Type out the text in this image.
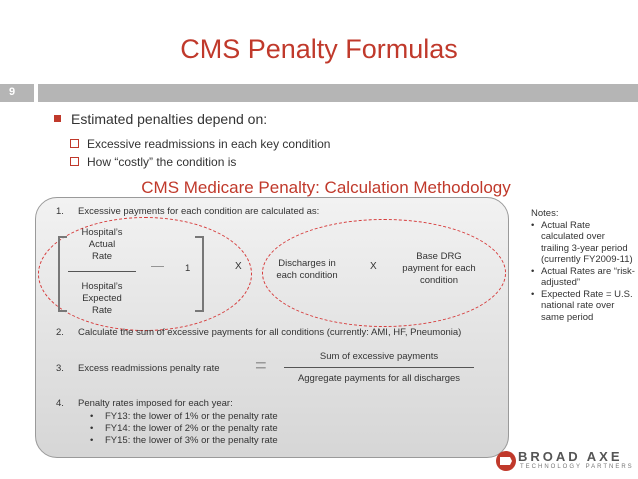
CMS Penalty Formulas
9
Estimated penalties depend on:
Excessive readmissions in each key condition
How “costly” the condition is
CMS Medicare Penalty: Calculation Methodology
1. Excessive payments for each condition are calculated as:
Hospital’s
Actual
Rate
Hospital’s
Expected
Rate
— 1	X	Discharges in
each condition
X
Base DRG
payment for each
condition
2. Calculate the sum of excessive payments for all conditions (currently: AMI, HF, Pneumonia)
3. Excess readmissions penalty rate =	Sum of excessive payments
Aggregate payments for all discharges
4. Penalty rates imposed for each year:
• FY13: the lower of 1% or the penalty rate
• FY14: the lower of 2% or the penalty rate
• FY15: the lower of 3% or the penalty rate
Notes:
• Actual Rate calculated over trailing 3-year period (currently FY2009-11)
• Actual Rates are “risk-adjusted”
• Expected Rate = U.S. national rate over same period
BROAD AXE
TECHNOLOGY PARTNERS
